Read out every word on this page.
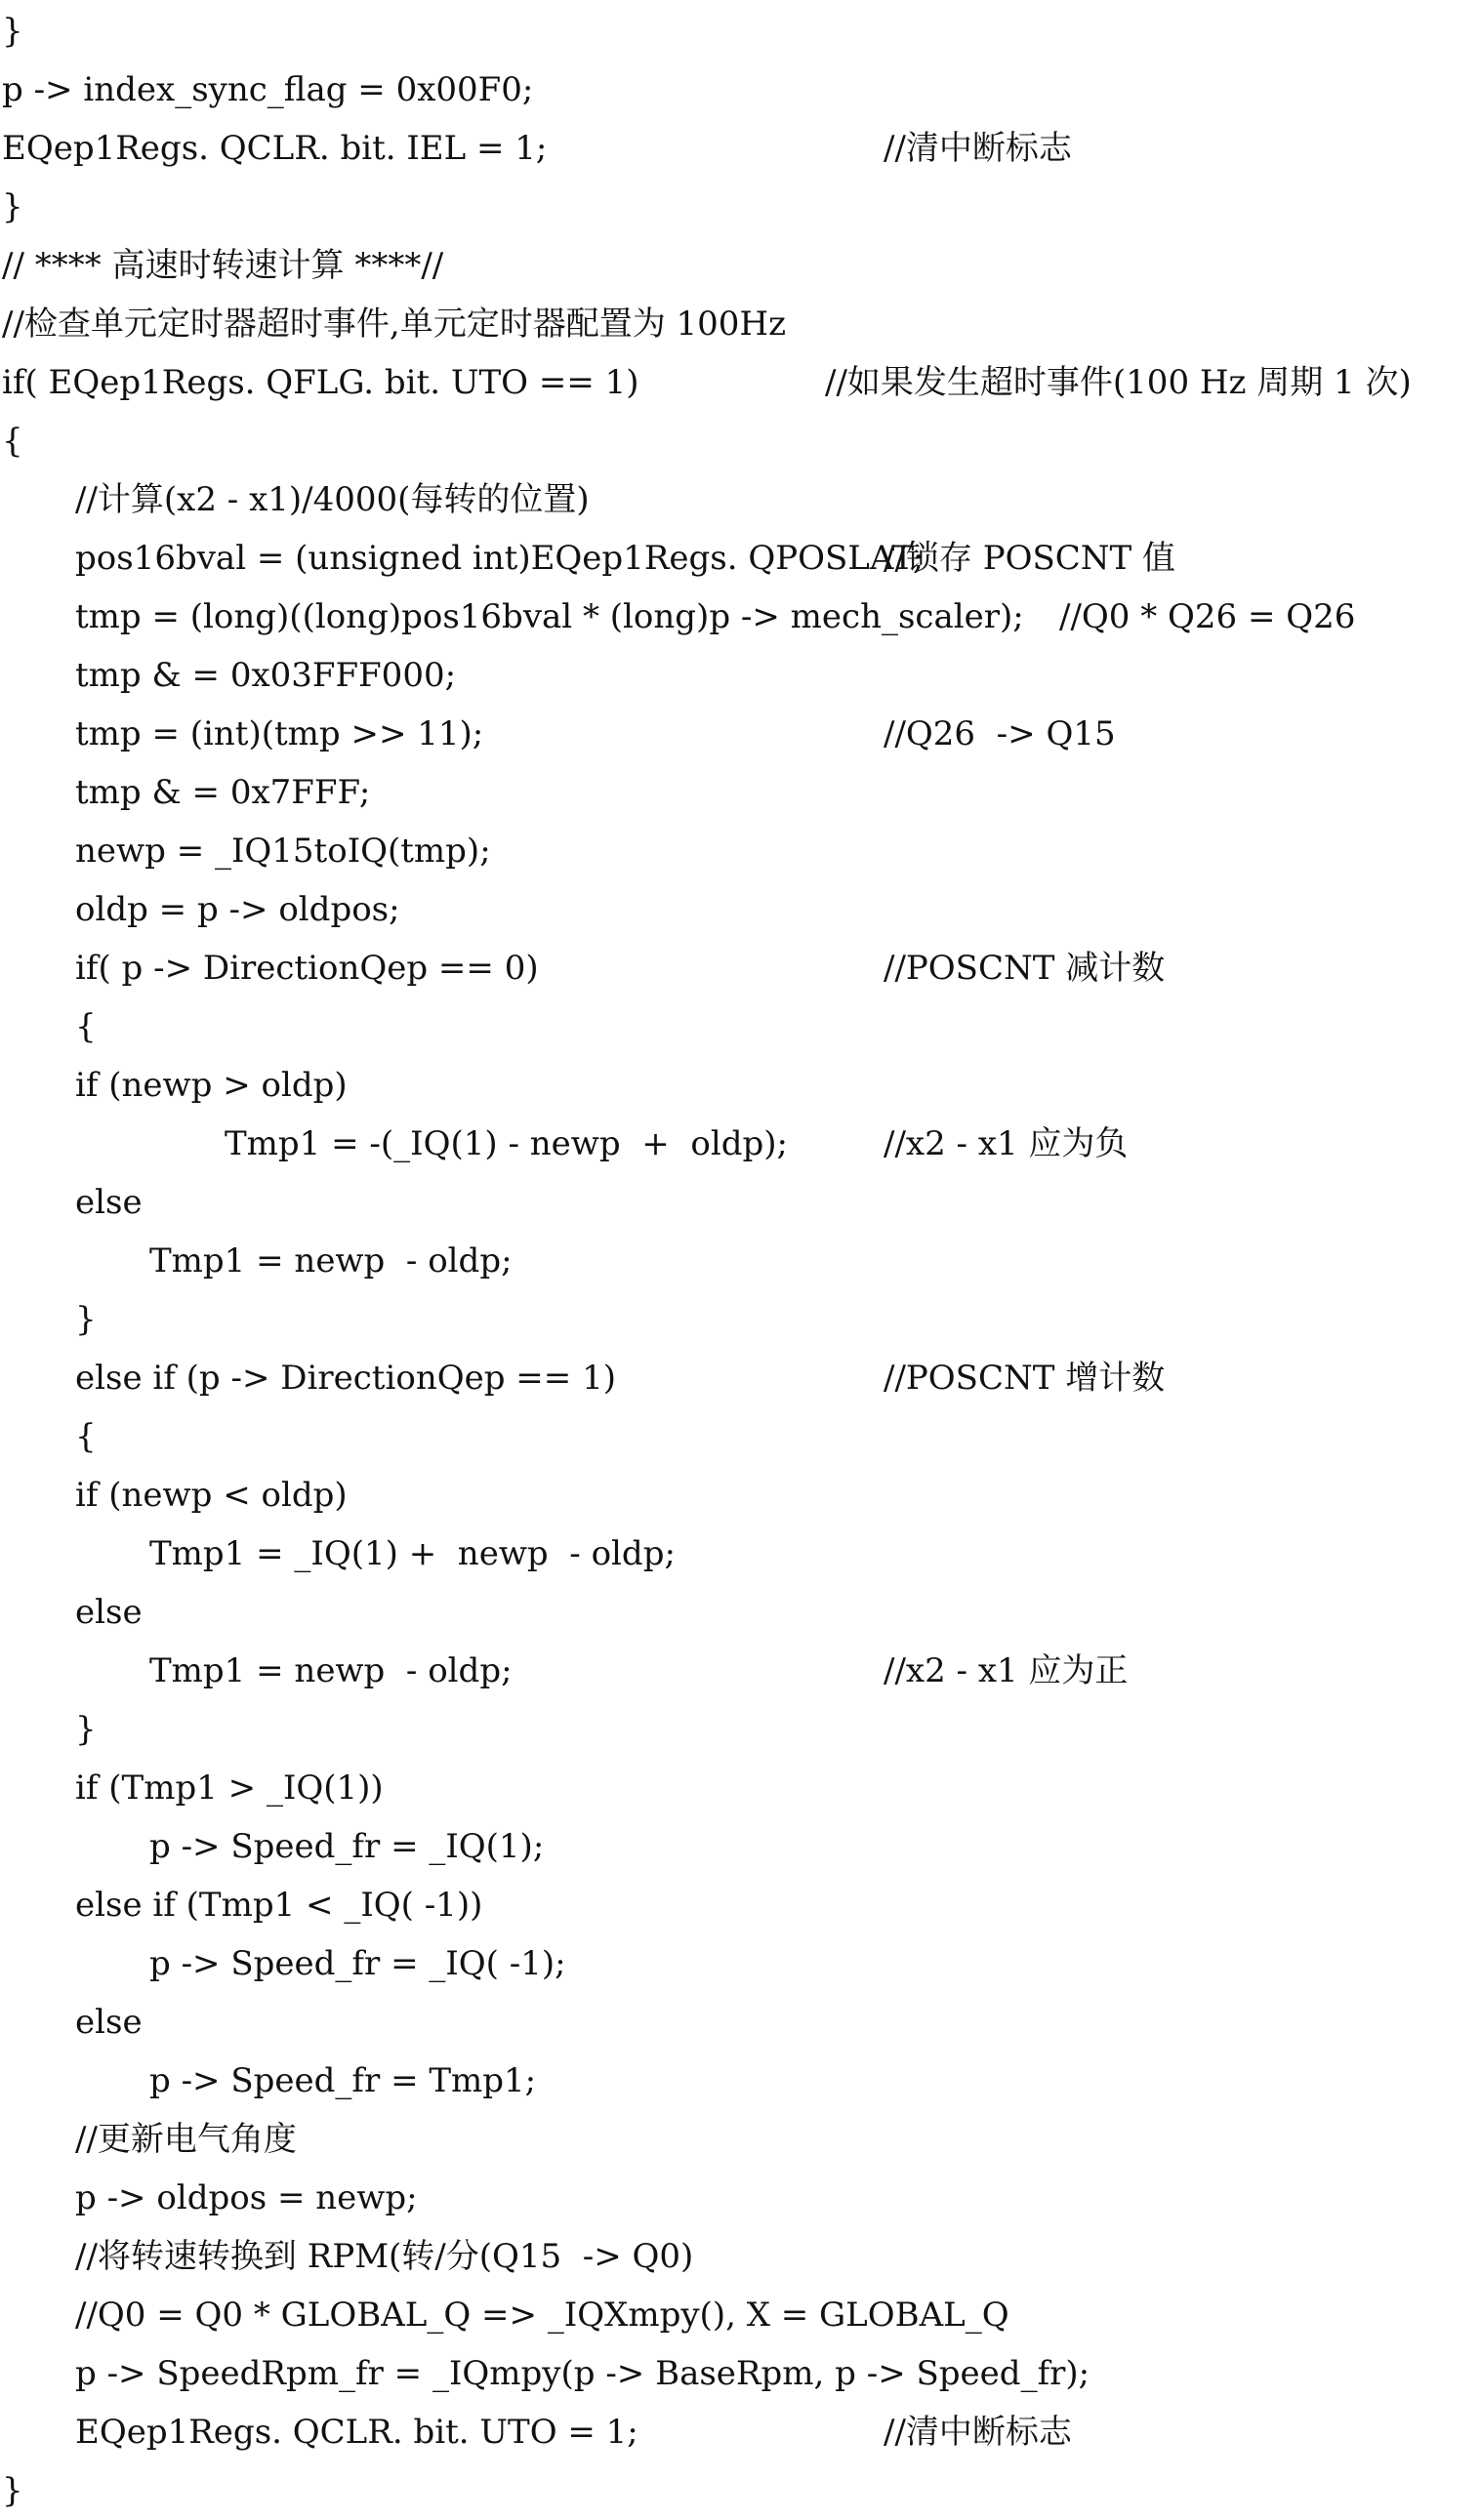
}
p -> index_sync_flag = 0x00F0;
EQep1Regs. QCLR. bit. IEL = 1;	//清中断标志
}
// **** 高速时转速计算 ****//
//检查单元定时器超时事件,单元定时器配置为 100Hz
if( EQep1Regs. QFLG. bit. UTO == 1)	//如果发生超时事件(100 Hz 周期 1 次)
{
//计算(x2 - x1)/4000(每转的位置)
pos16bval = (unsigned int)EQep1Regs. QPOSLAT;
//锁存 POSCNT 值
tmp = (long)((long)pos16bval * (long)p -> mech_scaler); //Q0 * Q26 = Q26
tmp & = 0x03FFF000;
tmp = (int)(tmp >> 11);	//Q26  -> Q15
tmp & = 0x7FFF;
newp = _IQ15toIQ(tmp);
oldp = p -> oldpos;
if( p -> DirectionQep == 0)	//POSCNT 减计数
{
if (newp > oldp)
Tmp1 = -(_IQ(1) - newp  +  oldp);	//x2 - x1 应为负
else
Tmp1 = newp  - oldp;
}
else if (p -> DirectionQep == 1)	//POSCNT 增计数
{
if (newp < oldp)
Tmp1 = _IQ(1) +  newp  - oldp;
else
Tmp1 = newp  - oldp;	//x2 - x1 应为正
}
if (Tmp1 > _IQ(1))
p -> Speed_fr = _IQ(1);
else if (Tmp1 < _IQ( -1))
p -> Speed_fr = _IQ( -1);
else
p -> Speed_fr = Tmp1;
//更新电气角度
p -> oldpos = newp;
//将转速转换到 RPM(转/分(Q15  -> Q0)
//Q0 = Q0 * GLOBAL_Q => _IQXmpy(), X = GLOBAL_Q
p -> SpeedRpm_fr = _IQmpy(p -> BaseRpm, p -> Speed_fr);
EQep1Regs. QCLR. bit. UTO = 1;	//清中断标志
}
